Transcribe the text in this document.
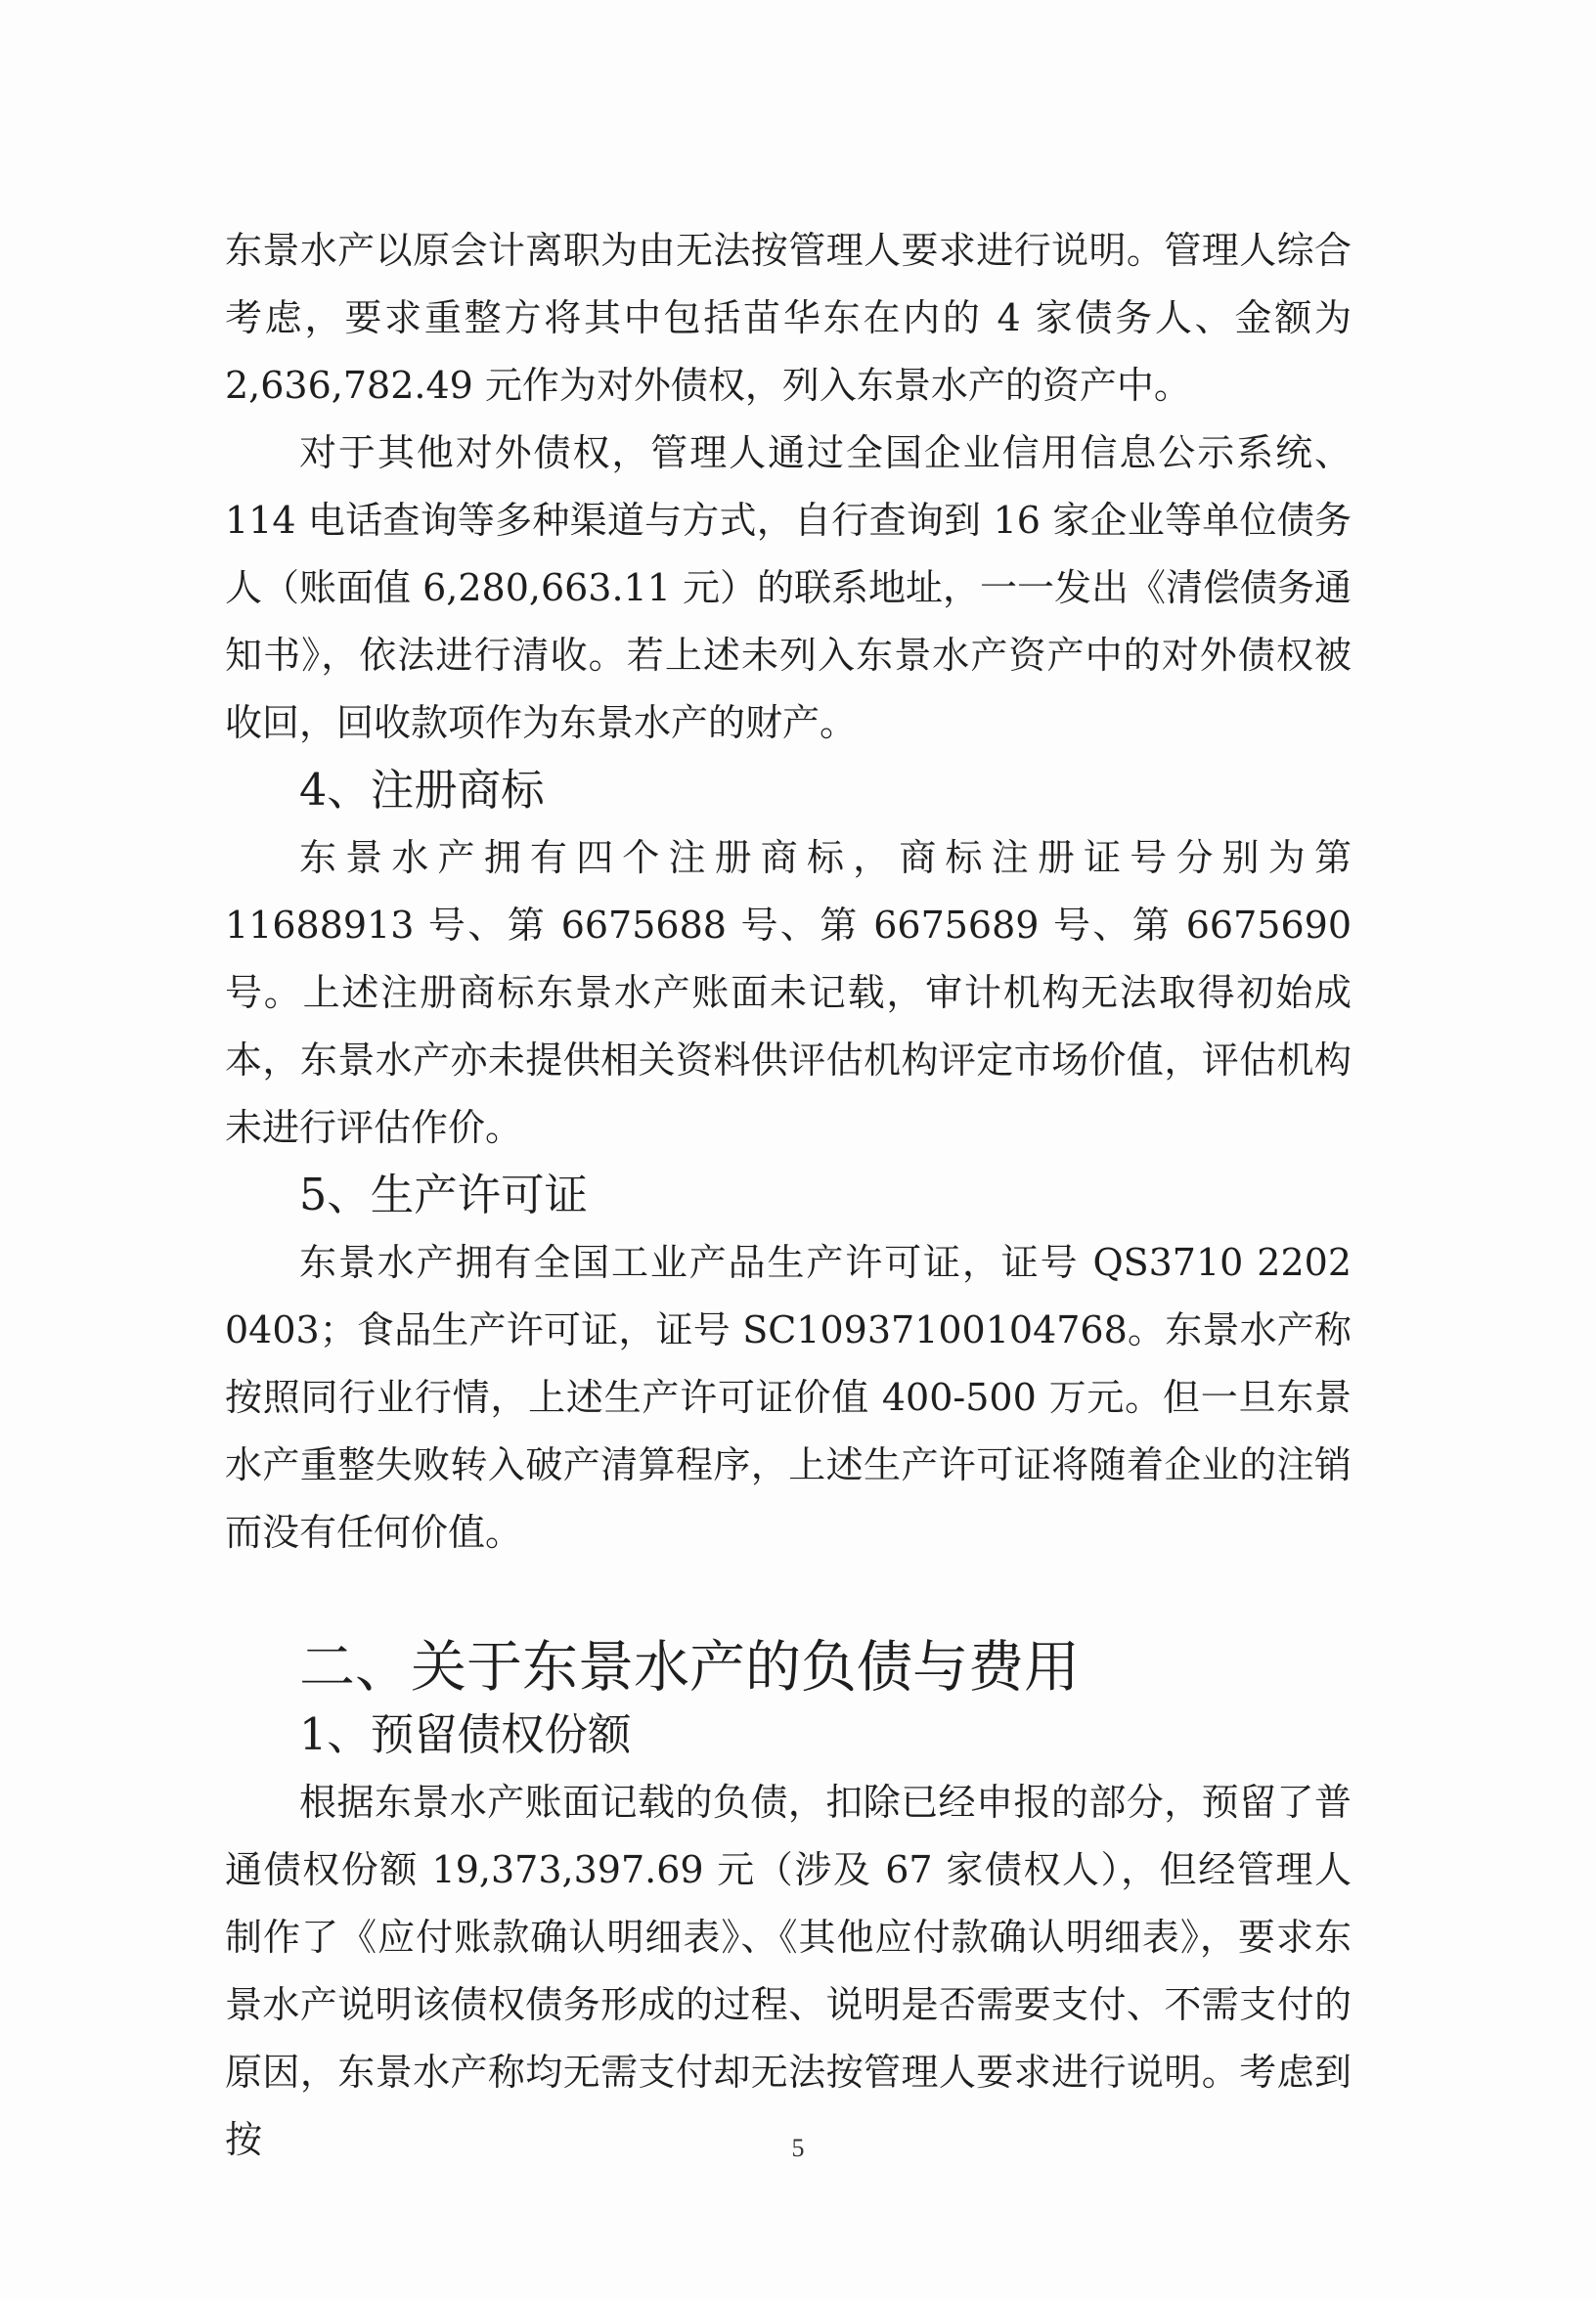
东景水产以原会计离职为由无法按管理人要求进行说明。管理人综合考虑，要求重整方将其中包括苗华东在内的 4 家债务人、金额为 2,636,782.49 元作为对外债权，列入东景水产的资产中。

对于其他对外债权，管理人通过全国企业信用信息公示系统、114 电话查询等多种渠道与方式，自行查询到 16 家企业等单位债务人（账面值 6,280,663.11 元）的联系地址，一一发出《清偿债务通知书》，依法进行清收。若上述未列入东景水产资产中的对外债权被收回，回收款项作为东景水产的财产。

4、注册商标

东景水产拥有四个注册商标，商标注册证号分别为第 11688913 号、第 6675688 号、第 6675689 号、第 6675690 号。上述注册商标东景水产账面未记载，审计机构无法取得初始成本，东景水产亦未提供相关资料供评估机构评定市场价值，评估机构未进行评估作价。

5、生产许可证

东景水产拥有全国工业产品生产许可证，证号 QS3710 2202 0403；食品生产许可证，证号 SC10937100104768。东景水产称按照同行业行情，上述生产许可证价值 400-500 万元。但一旦东景水产重整失败转入破产清算程序，上述生产许可证将随着企业的注销而没有任何价值。

二、关于东景水产的负债与费用
1、预留债权份额

根据东景水产账面记载的负债，扣除已经申报的部分，预留了普通债权份额 19,373,397.69 元（涉及 67 家债权人），但经管理人制作了《应付账款确认明细表》、《其他应付款确认明细表》，要求东景水产说明该债权债务形成的过程、说明是否需要支付、不需支付的原因，东景水产称均无需支付却无法按管理人要求进行说明。考虑到按	5
